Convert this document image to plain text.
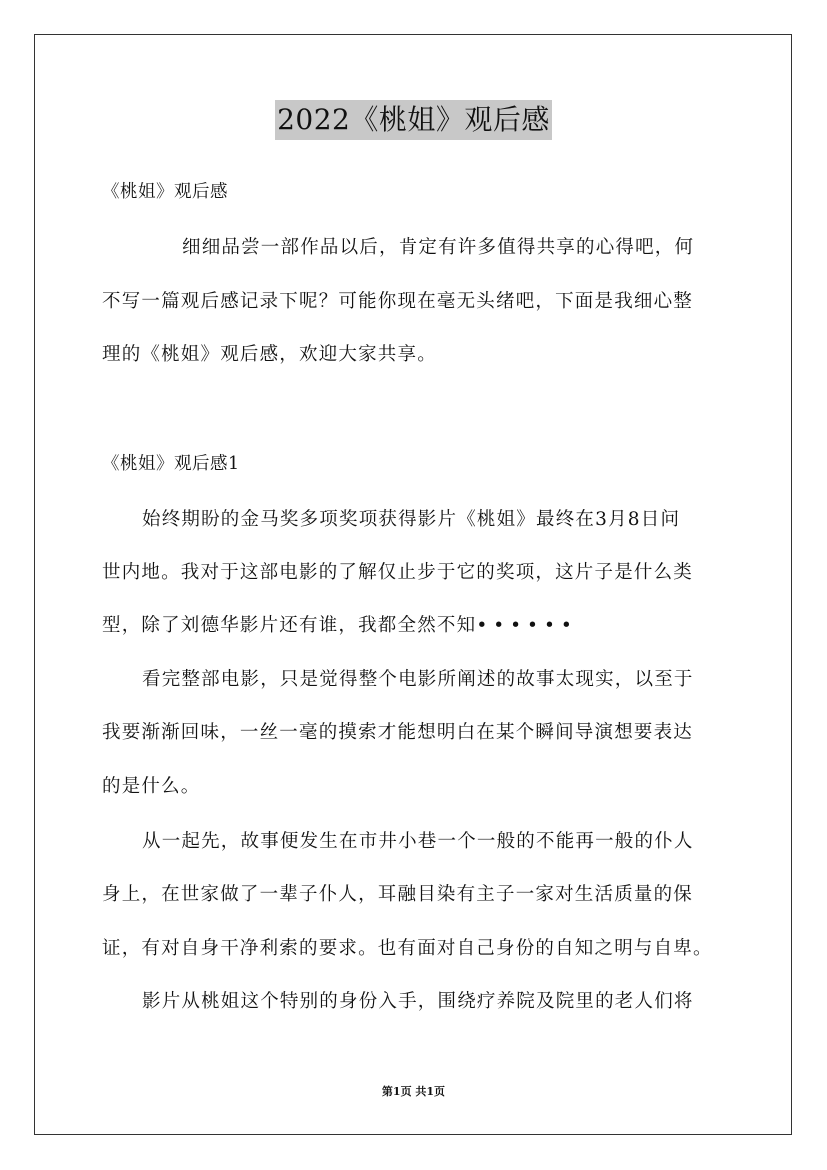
2022《桃姐》观后感
《桃姐》观后感
细细品尝一部作品以后，肯定有许多值得共享的心得吧，何
不写一篇观后感记录下呢？可能你现在毫无头绪吧，下面是我细心整
理的《桃姐》观后感，欢迎大家共享。
《桃姐》观后感1
始终期盼的金马奖多项奖项获得影片《桃姐》最终在3月8日问
世内地。我对于这部电影的了解仅止步于它的奖项，这片子是什么类
型，除了刘德华影片还有谁，我都全然不知••••••
看完整部电影，只是觉得整个电影所阐述的故事太现实，以至于
我要渐渐回味，一丝一毫的摸索才能想明白在某个瞬间导演想要表达
的是什么。
从一起先，故事便发生在市井小巷一个一般的不能再一般的仆人
身上，在世家做了一辈子仆人，耳融目染有主子一家对生活质量的保
证，有对自身干净利索的要求。也有面对自己身份的自知之明与自卑。
影片从桃姐这个特别的身份入手，围绕疗养院及院里的老人们将
第1页 共1页
